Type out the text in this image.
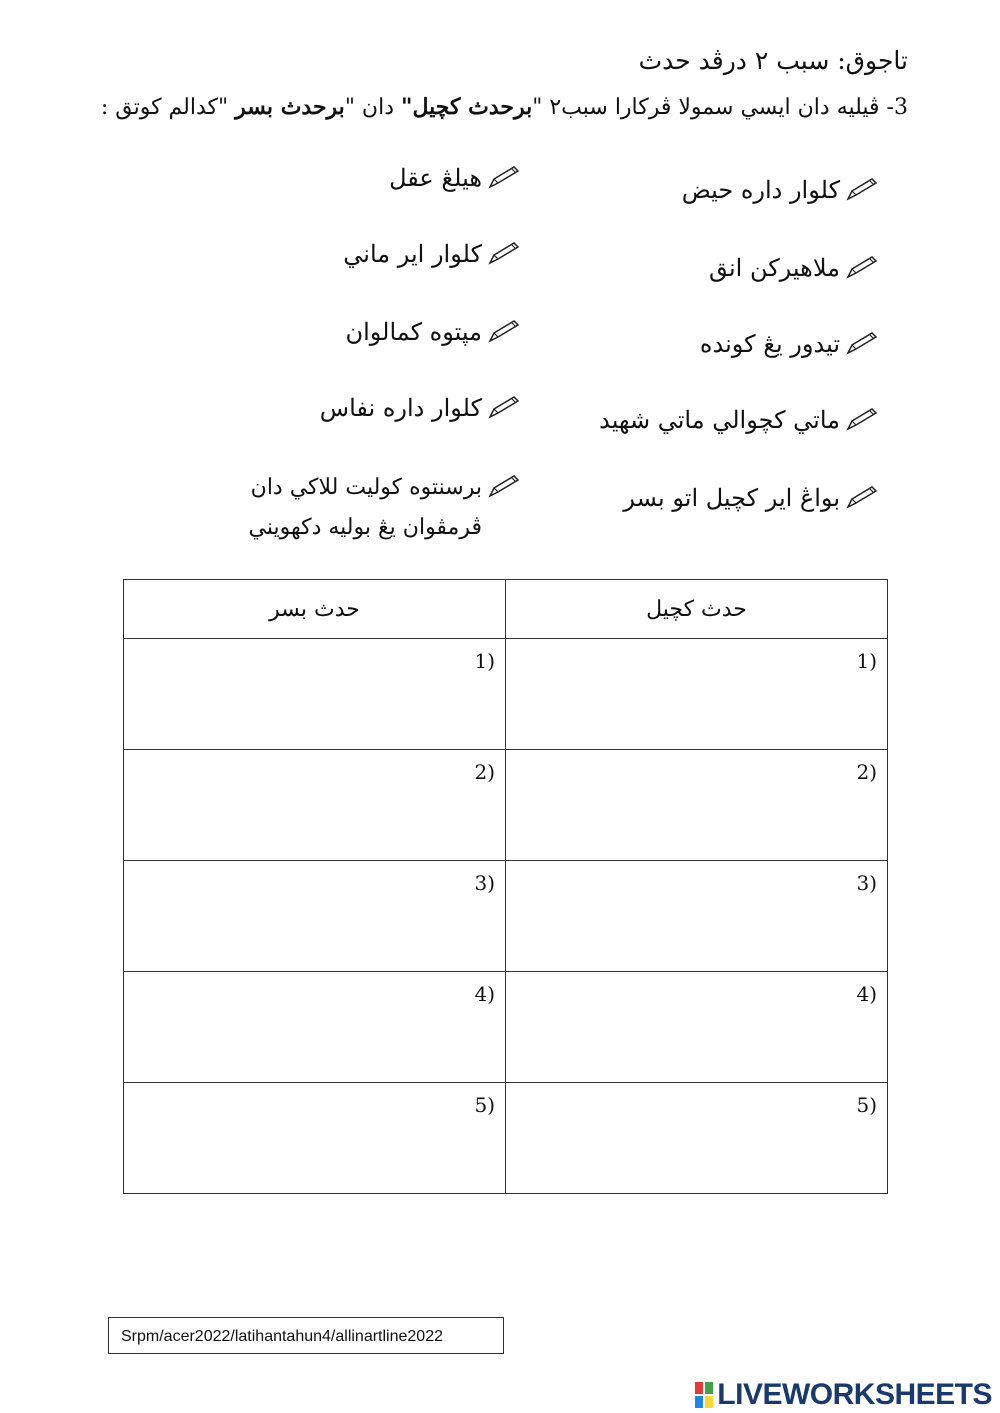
تاجوق: سبب ٢ درڤد حدث
3- ڤيليه دان ايسي سمولا ڤركارا سبب٢ "برحدث كچيل" دان "برحدث بسر "كدالم كوتق :
كلوار داره حيض
ملاهيركن انق
تيدور يڠ كونده
ماتي كچوالي ماتي شهيد
بواڠ اير كچيل اتو بسر
هيلڠ عقل
كلوار اير ماني
مڽتوه كمالوان
كلوار داره نفاس
برسنتوه كوليت للاكي دان ڤرمڤوان يڠ بوليه دكهويني
حدث كچيل	حدث بسر

1)	1)

2)	2)

3)	3)

4)	4)

5)	5)
Srpm/acer2022/latihantahun4/allinartline2022
LIVEWORKSHEETS
